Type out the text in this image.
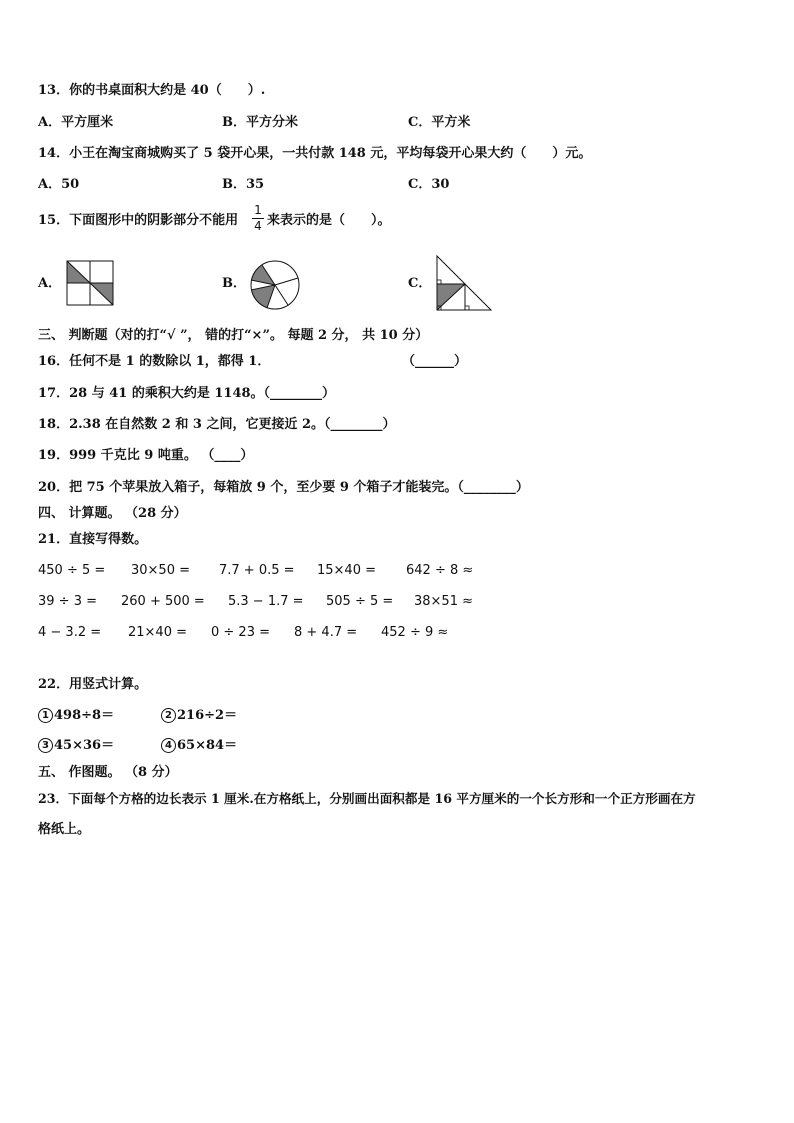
13．你的书桌面积大约是 40（　　）.
A．平方厘米	B．平方分米	C．平方米
14．小王在淘宝商城购买了 5 袋开心果，一共付款 148 元，平均每袋开心果大约（　　）元。
A．50	B．35	C．30
15．下面图形中的阴影部分不能用
1
4 来表示的是（　　）。
A．	B．	C．
三、 判断题（对的打“√ ”， 错的打“×”。 每题 2 分， 共 10 分）
16．任何不是 1 的数除以 1，都得 1．	（______）
17．28 与 41 的乘积大约是 1148。（________）
18．2.38 在自然数 2 和 3 之间，它更接近 2。（________）
19．999 千克比 9 吨重。 （____）
20．把 75 个苹果放入箱子，每箱放 9 个，至少要 9 个箱子才能装完。（________）
四、 计算题。 （28 分）
21．直接写得数。
450 ÷ 5 = 30×50 = 7.7 + 0.5 = 15×40 = 642 ÷ 8 ≈
39 ÷ 3 = 260 + 500 = 5.3 − 1.7 = 505 ÷ 5 = 38×51 ≈
4 − 3.2 = 21×40 = 0 ÷ 23 = 8 + 4.7 = 452 ÷ 9 ≈
22．用竖式计算。
1 498÷8＝	2 216÷2＝
3 45×36＝	4 65×84＝
五、 作图题。 （8 分）
23．下面每个方格的边长表示 1 厘米.在方格纸上，分别画出面积都是 16 平方厘米的一个长方形和一个正方形画在方
格纸上。
